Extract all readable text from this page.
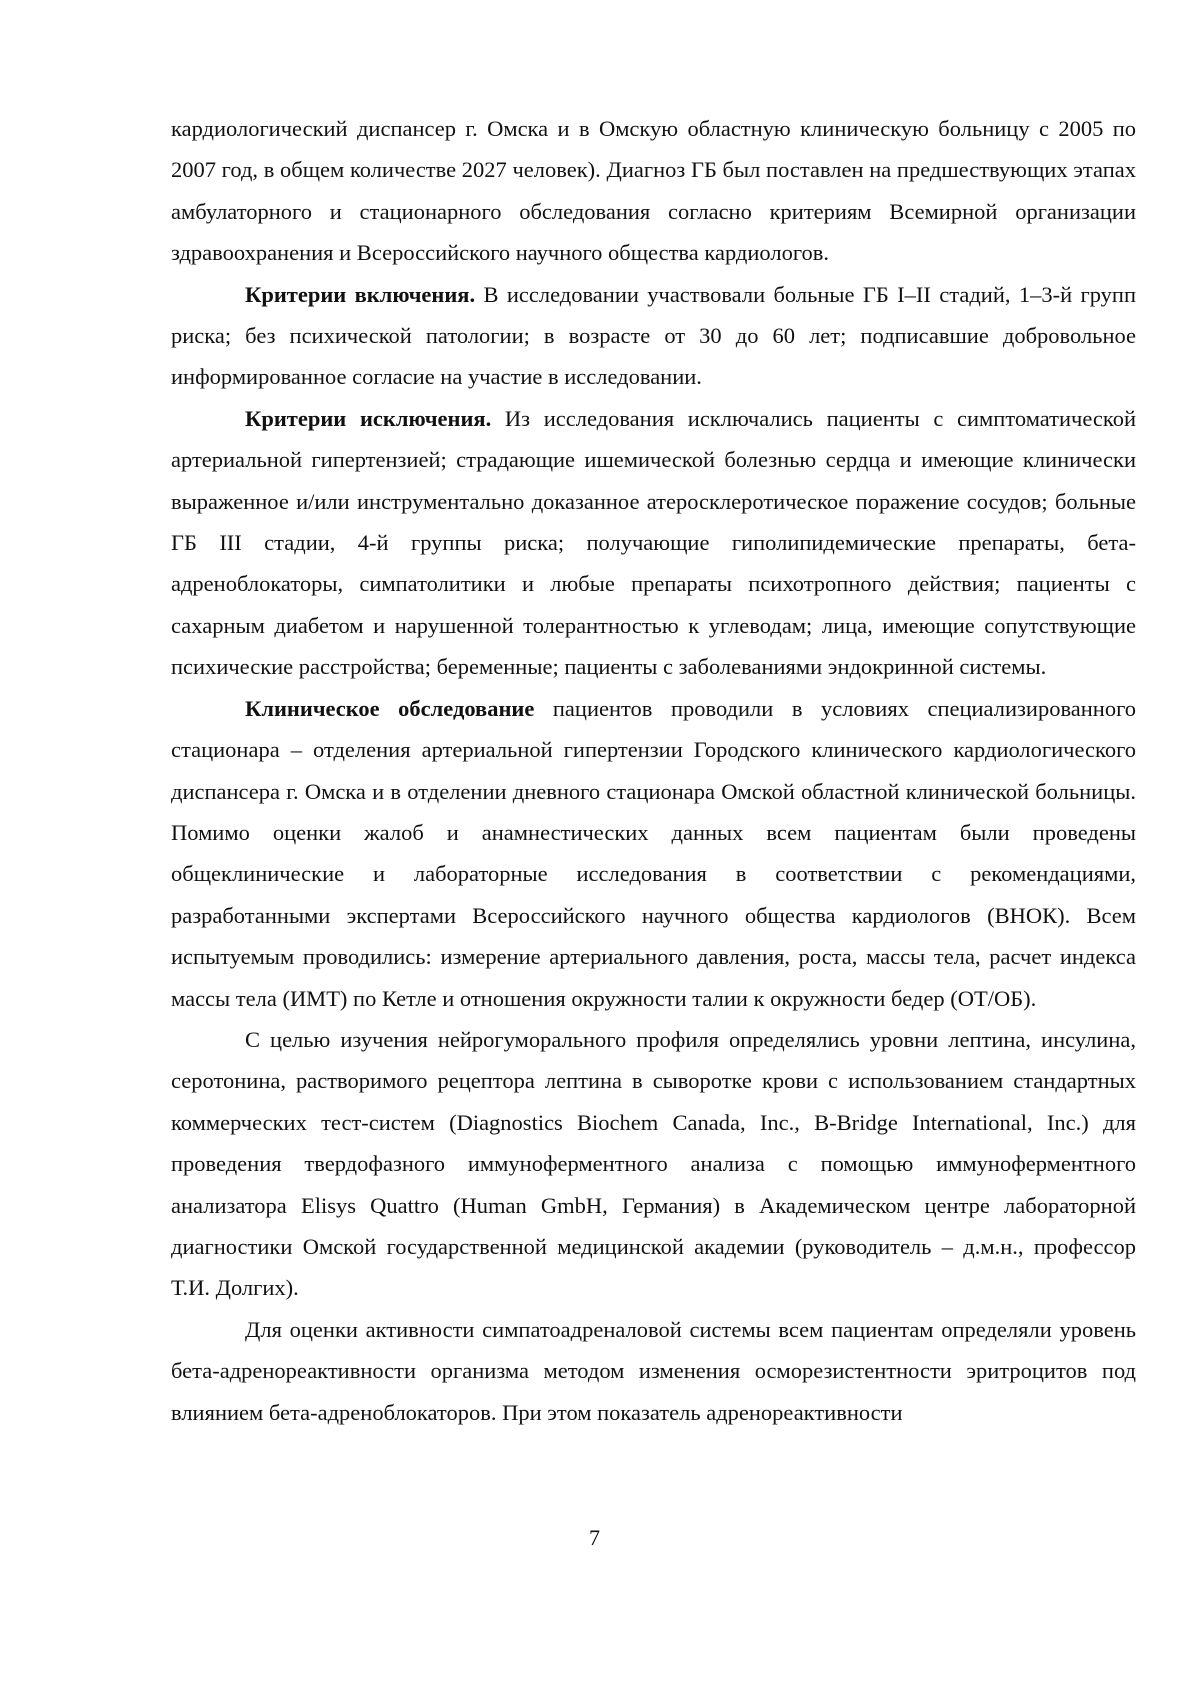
кардиологический диспансер г. Омска и в Омскую областную клиническую больницу с 2005 по 2007 год, в общем количестве 2027 человек). Диагноз ГБ был поставлен на предшествующих этапах амбулаторного и стационарного обследования согласно критериям Всемирной организации здравоохранения и Всероссийского научного общества кардиологов.

Критерии включения. В исследовании участвовали больные ГБ I–II стадий, 1–3-й групп риска; без психической патологии; в возрасте от 30 до 60 лет; подписавшие добровольное информированное согласие на участие в исследовании.

Критерии исключения. Из исследования исключались пациенты с симптоматической артериальной гипертензией; страдающие ишемической болезнью сердца и имеющие клинически выраженное и/или инструментально доказанное атеросклеротическое поражение сосудов; больные ГБ III стадии, 4-й группы риска; получающие гиполипидемические препараты, бета-адреноблокаторы, симпатолитики и любые препараты психотропного действия; пациенты с сахарным диабетом и нарушенной толерантностью к углеводам; лица, имеющие сопутствующие психические расстройства; беременные; пациенты с заболеваниями эндокринной системы.

Клиническое обследование пациентов проводили в условиях специализированного стационара – отделения артериальной гипертензии Городского клинического кардиологического диспансера г. Омска и в отделении дневного стационара Омской областной клинической больницы. Помимо оценки жалоб и анамнестических данных всем пациентам были проведены общеклинические и лабораторные исследования в соответствии с рекомендациями, разработанными экспертами Всероссийского научного общества кардиологов (ВНОК). Всем испытуемым проводились: измерение артериального давления, роста, массы тела, расчет индекса массы тела (ИМТ) по Кетле и отношения окружности талии к окружности бедер (ОТ/ОБ).

С целью изучения нейрогуморального профиля определялись уровни лептина, инсулина, серотонина, растворимого рецептора лептина в сыворотке крови с использованием стандартных коммерческих тест-систем (Diagnostics Biochem Canada, Inc., B-Bridge International, Inc.) для проведения твердофазного иммуноферментного анализа с помощью иммуноферментного анализатора Elisys Quattro (Human GmbH, Германия) в Академическом центре лабораторной диагностики Омской государственной медицинской академии (руководитель – д.м.н., профессор Т.И. Долгих).

Для оценки активности симпатоадреналовой системы всем пациентам определяли уровень бета-адренореактивности организма методом изменения осморезистентности эритроцитов под влиянием бета-адреноблокаторов. При этом показатель адренореактивности

7
